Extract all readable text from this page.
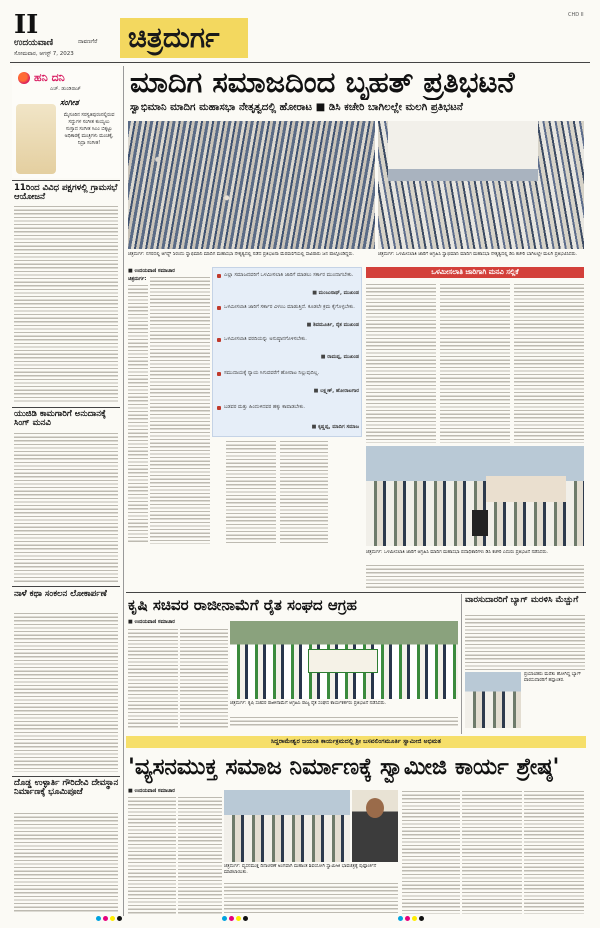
II
ಉದಯವಾಣಿ	ದಾವಣಗೆರೆ
ಸೋಮವಾರ, ಆಗಸ್ಟ್ 7, 2023 ಚಿತ್ರದುರ್ಗ
CHD II
ಹನಿ ದನಿ
ಎಚ್. ಡುಂಡಿರಾಜ್
ಸಂಗೀತ
ಮೈಸೂರಿನ ಸರಸ್ವತಿಪುರಂನಲ್ಲಿರುವ ಸದ್ದುಗಳ ಸಂಗೀತ ಕುಯ್ಯಲು ಸುಸ್ತಾದ ಸಂಗೀತ ಸಿಎಂ ಬಿಕ್ಕಟ್ಟು ಅಧಿಕಾರಕ್ಕೆ ಮಂತ್ರಿಗಳು ಮಂಚಕ್ಕೆ, ನಿದ್ರಾ ಸಂಗೀತ!
11ರಿಂದ ವಿವಿಧ ಪಕ್ಷಗಳಲ್ಲಿ ಗ್ರಾಮಸಭೆ ಆಯೋಜನೆ
ಯುಜಿಡಿ ಕಾಮಗಾರಿಗೆ ಅನುದಾನಕ್ಕೆ ಸಿಂಗ್ ಮನವಿ
ನಾಳೆ ಕಥಾ ಸಂಕಲನ ಲೋಕಾರ್ಪಣೆ
ದೊಡ್ಡ ಉಳ್ಳಾರ್ತಿ ಗೌರಿದೇವಿ ದೇವಸ್ಥಾನ ನಿರ್ಮಾಣಕ್ಕೆ ಭೂಮಿಪೂಜೆ
ಮಾದಿಗ ಸಮಾಜದಿಂದ ಬೃಹತ್ ಪ್ರತಿಭಟನೆ
ಸ್ವಾಭಿಮಾನಿ ಮಾದಿಗ ಮಹಾಸಭಾ ನೇತೃತ್ವದಲ್ಲಿ ಹೋರಾಟ ■ ಡಿಸಿ ಕಚೇರಿ ಬಾಗಿಲಲ್ಲೇ ಮಲಗಿ ಪ್ರತಿಭಟನೆ
ಚಿತ್ರದುರ್ಗ: ನಗರದಲ್ಲಿ ಆಗಸ್ಟ್ 5ರಂದು ಸ್ವಾಭಿಮಾನಿ ಮಾದಿಗ ಮಹಾಸಭಾ ನೇತೃತ್ವದಲ್ಲಿ ನಡೆದ ಪ್ರತಿಭಟನಾ ಮೆರವಣಿಗೆಯಲ್ಲಿ ಸಾವಿರಾರು ಜನ ಪಾಲ್ಗೊಂಡಿದ್ದರು.	ಚಿತ್ರದುರ್ಗ: ಒಳಮೀಸಲಾತಿ ಜಾರಿಗೆ ಆಗ್ರಹಿಸಿ ಸ್ವಾಭಿಮಾನಿ ಮಾದಿಗ ಮಹಾಸಭಾ ನೇತೃತ್ವದಲ್ಲಿ ಡಿಸಿ ಕಚೇರಿ ಬಾಗಿಲಲ್ಲೇ ಮಲಗಿ ಪ್ರತಿಭಟಿಸಿದರು.
■ ಉದಯವಾಣಿ ಸಮಾಚಾರ
ಚಿತ್ರದುರ್ಗ:
ಎಲ್ಲಾ ಸಮಾಜದವರಿಗೆ ಒಳಮೀಸಲಾತಿ ಜಾರಿಗೆ ಮಾಡಲು ಸರ್ಕಾರ ಮುಂದಾಗಬೇಕು.
■ ಮಂಜುನಾಥ್, ಮುಖಂಡ
ಒಳಮೀಸಲಾತಿ ಜಾರಿಗೆ ಸರ್ಕಾರ ವಿಳಂಬ ಮಾಡುತ್ತಿದೆ. ಕೂಡಲೇ ಕ್ರಮ ಕೈಗೊಳ್ಳಬೇಕು.
■ ಶಿವಮೂರ್ತಿ, ರೈತ ಮುಖಂಡ
ಒಳಮೀಸಲಾತಿ ವರದಿಯನ್ನು ಅನುಷ್ಠಾನಗೊಳಿಸಬೇಕು.
■ ರಾಮಪ್ಪ, ಮುಖಂಡ
ಸಮುದಾಯಕ್ಕೆ ನ್ಯಾಯ ಸಿಗುವವರೆಗೆ ಹೋರಾಟ ನಿಲ್ಲುವುದಿಲ್ಲ.
■ ಲಕ್ಷ್ಮಣ್, ಹೋರಾಟಗಾರ
ಬಡವರ ಮತ್ತು ಹಿಂದುಳಿದವರ ಹಕ್ಕು ಕಾಪಾಡಬೇಕು.
■ ಕೃಷ್ಣಪ್ಪ, ಮಾದಿಗ ಸಮಾಜ
ಒಳಮೀಸಲಾತಿ ಜಾರಿಗಾಗಿ ಮನವಿ ಸಲ್ಲಿಕೆ
ಚಿತ್ರದುರ್ಗ: ಒಳಮೀಸಲಾತಿ ಜಾರಿಗೆ ಆಗ್ರಹಿಸಿ ಮಾದಿಗ ಮಹಾಸಭಾ ಪದಾಧಿಕಾರಿಗಳು ಡಿಸಿ ಕಚೇರಿ ಎದುರು ಪ್ರತಿಭಟನೆ ನಡೆಸಿದರು.
ಕೃಷಿ ಸಚಿವರ ರಾಜೀನಾಮೆಗೆ ರೈತ ಸಂಘದ ಆಗ್ರಹ
■ ಉದಯವಾಣಿ ಸಮಾಚಾರ
ಚಿತ್ರದುರ್ಗ: ಕೃಷಿ ಸಚಿವರ ರಾಜೀನಾಮೆಗೆ ಆಗ್ರಹಿಸಿ ರಾಜ್ಯ ರೈತ ಸಂಘದ ಕಾರ್ಯಕರ್ತರು ಪ್ರತಿಭಟನೆ ನಡೆಸಿದರು.
ವಾರಸುದಾರರಿಗೆ ಬ್ಯಾಗ್ ಮರಳಿಸಿ ಮೆಚ್ಚುಗೆ
ಪ್ರಯಾಣಿಕರು ಮರೆತು ಹೋಗಿದ್ದ ಬ್ಯಾಗ್ ವಾರಸುದಾರರಿಗೆ ಹಸ್ತಾಂತರ.
ಸಿದ್ದರಾಮೇಶ್ವರ ಜಯಂತಿ ಕಾರ್ಯಕ್ರಮದಲ್ಲಿ ಶ್ರೀ ಬಸವಲಿಂಗಮೂರ್ತಿ ಸ್ವಾಮೀಜಿ ಅಭಿಮತ
'ವ್ಯಸನಮುಕ್ತ ಸಮಾಜ ನಿರ್ಮಾಣಕ್ಕೆ ಸ್ವಾಮೀಜಿ ಕಾರ್ಯ ಶ್ರೇಷ್ಠ'
■ ಉದಯವಾಣಿ ಸಮಾಚಾರ
ಚಿತ್ರದುರ್ಗ: ವ್ಯಸನಮುಕ್ತ ದಿನಾಚರಣೆ ಅಂಗವಾಗಿ ಮಹಾಂತ ಶಿವಯೋಗಿ ಸ್ವಾಮೀಜಿ ಭಾವಚಿತ್ರಕ್ಕೆ ಪುಷ್ಪಾರ್ಚನೆ ಮಾಡಲಾಯಿತು.
